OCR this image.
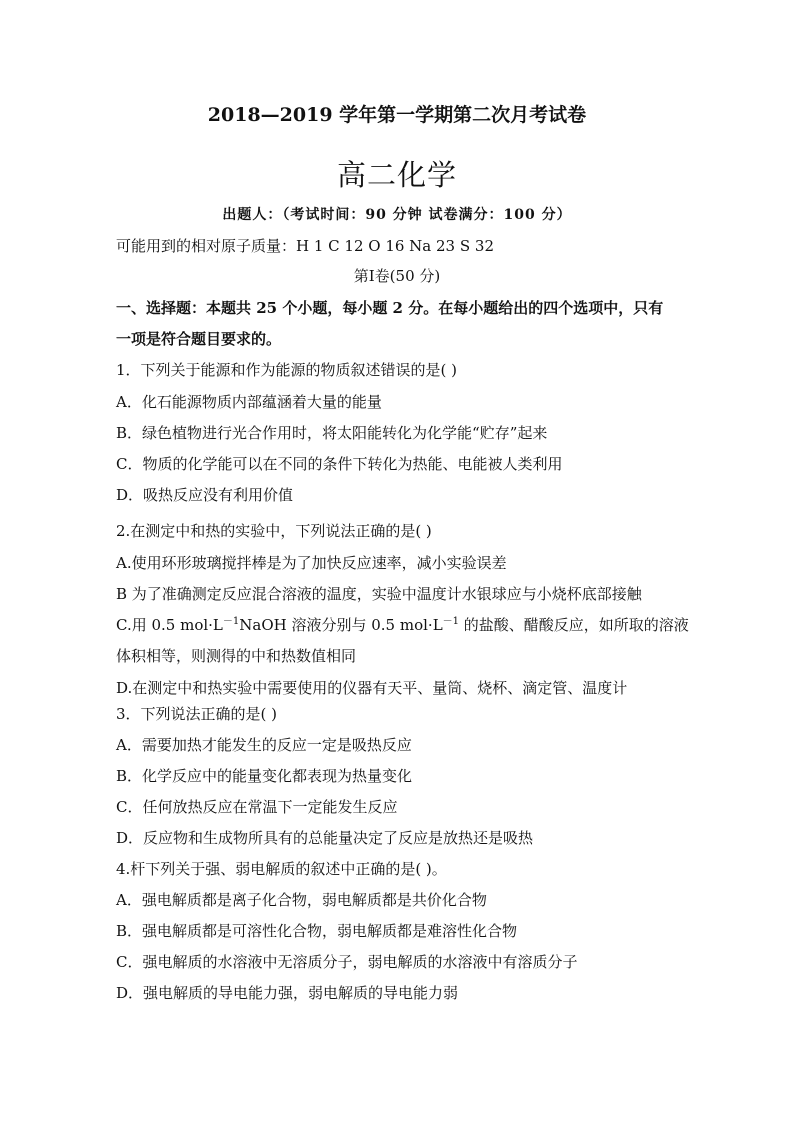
2018—2019 学年第一学期第二次月考试卷
高二化学
出题人：（考试时间：90 分钟 试卷满分：100 分）
可能用到的相对原子质量：H 1 C 12 O 16 Na 23 S 32
第Ⅰ卷(50 分)
一、选择题：本题共 25 个小题，每小题 2 分。在每小题给出的四个选项中，只有
一项是符合题目要求的。
1．下列关于能源和作为能源的物质叙述错误的是( )
A．化石能源物质内部蕴涵着大量的能量
B．绿色植物进行光合作用时，将太阳能转化为化学能“贮存”起来
C．物质的化学能可以在不同的条件下转化为热能、电能被人类利用
D．吸热反应没有利用价值
2.在测定中和热的实验中，下列说法正确的是( )
A.使用环形玻璃搅拌棒是为了加快反应速率，减小实验误差
B 为了准确测定反应混合溶液的温度，实验中温度计水银球应与小烧杯底部接触
C.用 0.5 $mol\cdot L^{-1}NaOH$ 溶液分别与 0.5 $mol\cdot L^{-1}$ 的盐酸、醋酸反应，如所取的溶液
体积相等，则测得的中和热数值相同
D.在测定中和热实验中需要使用的仪器有天平、量筒、烧杯、滴定管、温度计
3．下列说法正确的是( )
A．需要加热才能发生的反应一定是吸热反应
B．化学反应中的能量变化都表现为热量变化
C．任何放热反应在常温下一定能发生反应
D．反应物和生成物所具有的总能量决定了反应是放热还是吸热
4.杆下列关于强、弱电解质的叙述中正确的是( )。
A．强电解质都是离子化合物，弱电解质都是共价化合物
B．强电解质都是可溶性化合物，弱电解质都是难溶性化合物
C．强电解质的水溶液中无溶质分子，弱电解质的水溶液中有溶质分子
D．强电解质的导电能力强，弱电解质的导电能力弱
